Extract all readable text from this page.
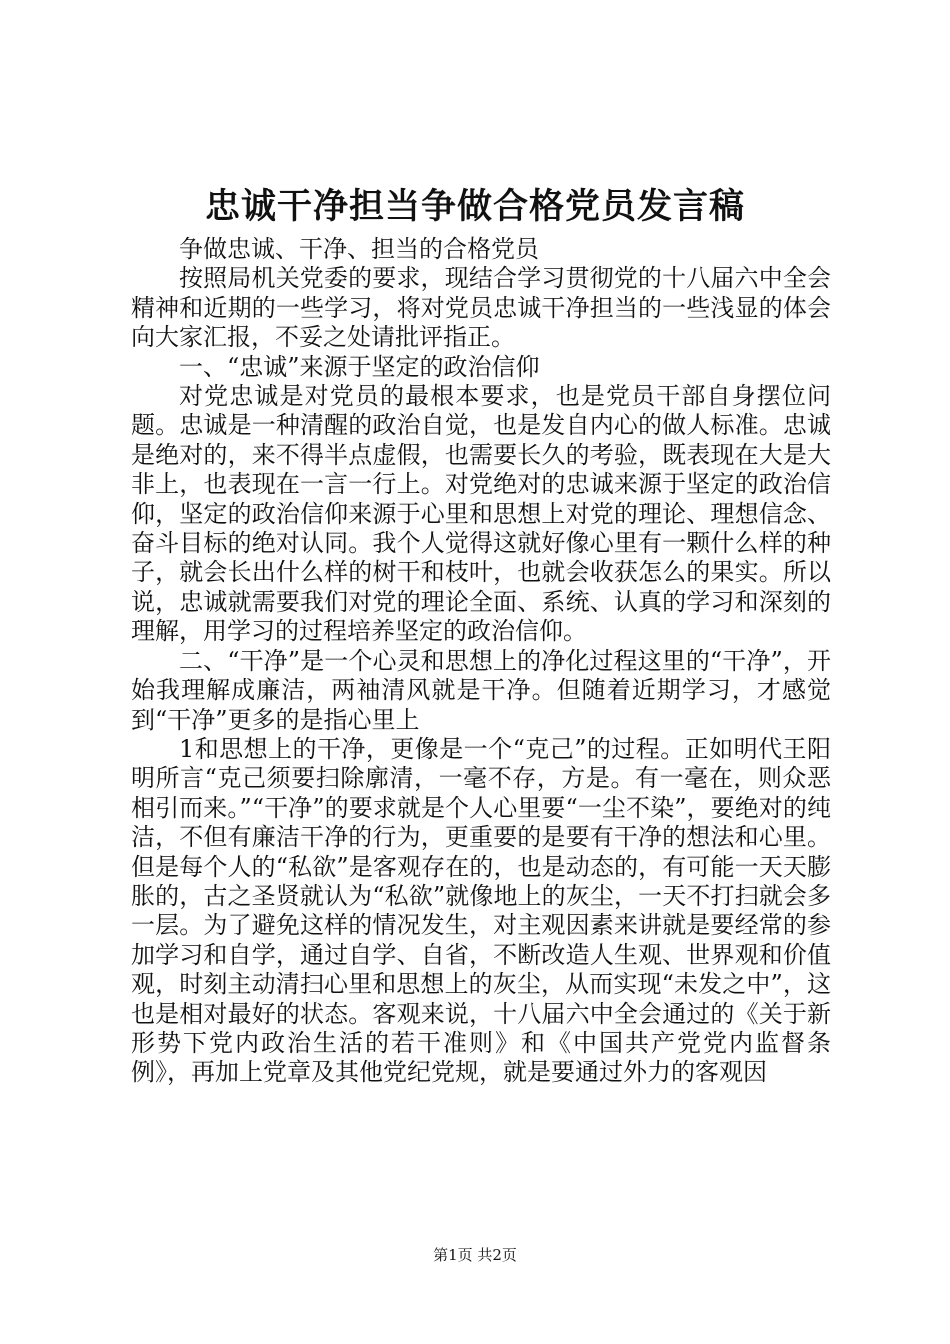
忠诚干净担当争做合格党员发言稿

争做忠诚、干净、担当的合格党员

按照局机关党委的要求，现结合学习贯彻党的十八届六中全会精神和近期的一些学习，将对党员忠诚干净担当的一些浅显的体会向大家汇报，不妥之处请批评指正。

一、“忠诚”来源于坚定的政治信仰

对党忠诚是对党员的最根本要求，也是党员干部自身摆位问题。忠诚是一种清醒的政治自觉，也是发自内心的做人标准。忠诚是绝对的，来不得半点虚假，也需要长久的考验，既表现在大是大非上，也表现在一言一行上。对党绝对的忠诚来源于坚定的政治信仰，坚定的政治信仰来源于心里和思想上对党的理论、理想信念、奋斗目标的绝对认同。我个人觉得这就好像心里有一颗什么样的种子，就会长出什么样的树干和枝叶，也就会收获怎么的果实。所以说，忠诚就需要我们对党的理论全面、系统、认真的学习和深刻的理解，用学习的过程培养坚定的政治信仰。

二、“干净”是一个心灵和思想上的净化过程这里的“干净”，开始我理解成廉洁，两袖清风就是干净。但随着近期学习，才感觉到“干净”更多的是指心里上

1和思想上的干净，更像是一个“克己”的过程。正如明代王阳明所言“克己须要扫除廓清，一毫不存，方是。有一毫在，则众恶相引而来。”“干净”的要求就是个人心里要“一尘不染”，要绝对的纯洁，不但有廉洁干净的行为，更重要的是要有干净的想法和心里。但是每个人的“私欲”是客观存在的，也是动态的，有可能一天天膨胀的，古之圣贤就认为“私欲”就像地上的灰尘，一天不打扫就会多一层。为了避免这样的情况发生，对主观因素来讲就是要经常的参加学习和自学，通过自学、自省，不断改造人生观、世界观和价值观，时刻主动清扫心里和思想上的灰尘，从而实现“未发之中”，这也是相对最好的状态。客观来说，十八届六中全会通过的《关于新形势下党内政治生活的若干准则》和《中国共产党党内监督条例》，再加上党章及其他党纪党规，就是要通过外力的客观因

第1页 共2页
